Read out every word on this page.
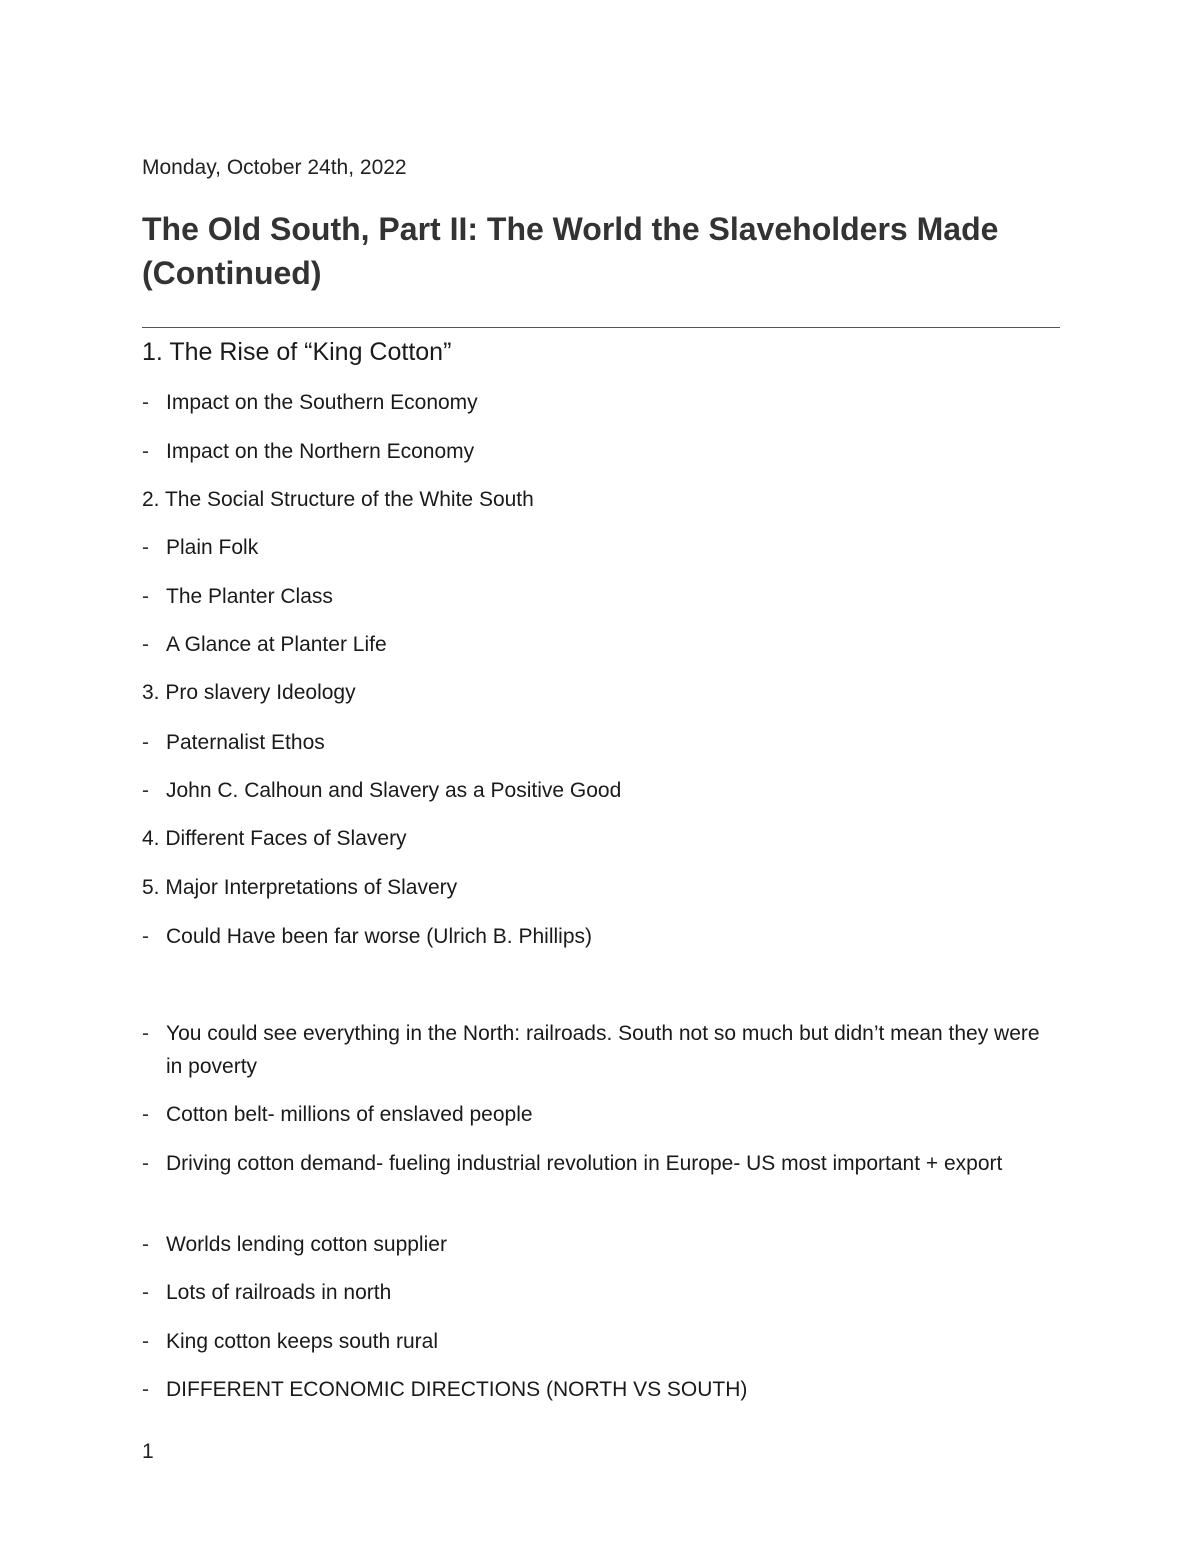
Monday, October 24th, 2022
The Old South, Part II: The World the Slaveholders Made (Continued)
1. The Rise of “King Cotton”
- Impact on the Southern Economy
- Impact on the Northern Economy
2. The Social Structure of the White South
- Plain Folk
- The Planter Class
- A Glance at Planter Life
3. Pro slavery Ideology
- Paternalist Ethos
- John C. Calhoun and Slavery as a Positive Good
4. Different Faces of Slavery
5. Major Interpretations of Slavery
- Could Have been far worse (Ulrich B. Phillips)
- You could see everything in the North: railroads. South not so much but didn’t mean they were in poverty
- Cotton belt- millions of enslaved people
- Driving cotton demand- fueling industrial revolution in Europe- US most important + export
- Worlds lending cotton supplier
- Lots of railroads in north
- King cotton keeps south rural
- DIFFERENT ECONOMIC DIRECTIONS (NORTH VS SOUTH)
1
